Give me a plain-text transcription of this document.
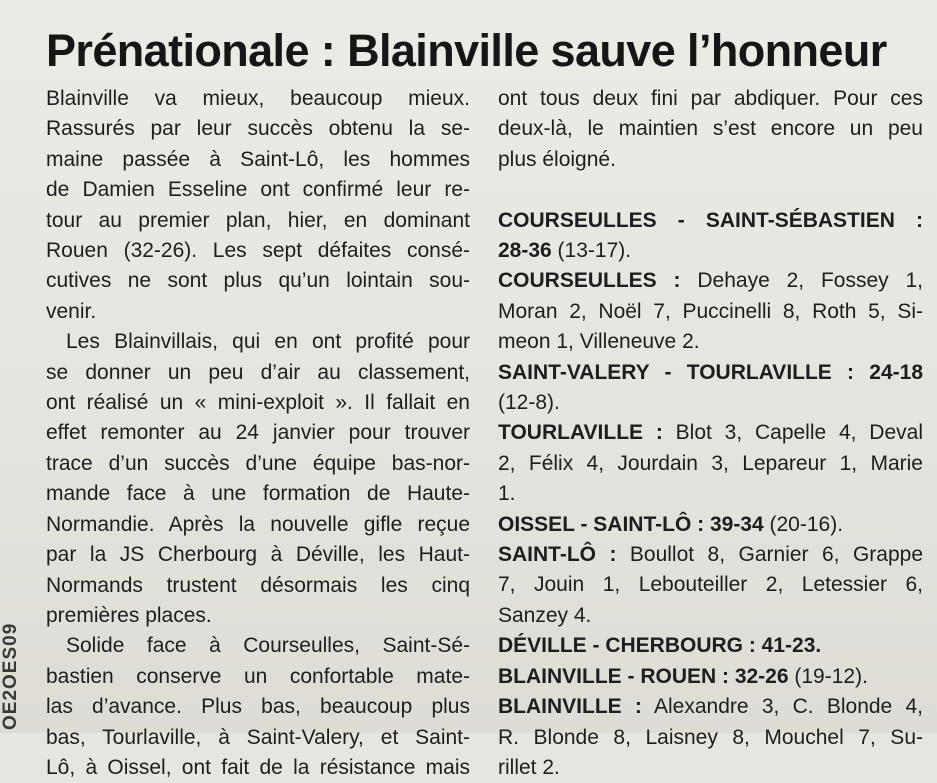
Prénationale : Blainville sauve l’honneur
Blainville va mieux, beaucoup mieux.
Rassurés par leur succès obtenu la se-
maine passée à Saint-Lô, les hommes
de Damien Esseline ont confirmé leur re-
tour au premier plan, hier, en dominant
Rouen (32-26). Les sept défaites consé-
cutives ne sont plus qu’un lointain sou-
venir.
Les Blainvillais, qui en ont profité pour
se donner un peu d’air au classement,
ont réalisé un « mini-exploit ». Il fallait en
effet remonter au 24 janvier pour trouver
trace d’un succès d’une équipe bas-nor-
mande face à une formation de Haute-
Normandie. Après la nouvelle gifle reçue
par la JS Cherbourg à Déville, les Haut-
Normands trustent désormais les cinq
premières places.
Solide face à Courseulles, Saint-Sé-
bastien conserve un confortable mate-
las d’avance. Plus bas, beaucoup plus
bas, Tourlaville, à Saint-Valery, et Saint-
Lô, à Oissel, ont fait de la résistance mais
ont tous deux fini par abdiquer. Pour ces
deux-là, le maintien s’est encore un peu
plus éloigné.
COURSEULLES - SAINT-SÉBASTIEN :
28-36 (13-17).
COURSEULLES : Dehaye 2, Fossey 1,
Moran 2, Noël 7, Puccinelli 8, Roth 5, Si-
meon 1, Villeneuve 2.
SAINT-VALERY - TOURLAVILLE : 24-18
(12-8).
TOURLAVILLE : Blot 3, Capelle 4, Deval
2, Félix 4, Jourdain 3, Lepareur 1, Marie
1.
OISSEL - SAINT-LÔ : 39-34 (20-16).
SAINT-LÔ : Boullot 8, Garnier 6, Grappe
7, Jouin 1, Lebouteiller 2, Letessier 6,
Sanzey 4.
DÉVILLE - CHERBOURG : 41-23.
BLAINVILLE - ROUEN : 32-26 (19-12).
BLAINVILLE : Alexandre 3, C. Blonde 4,
R. Blonde 8, Laisney 8, Mouchel 7, Su-
rillet 2.
OE2OES09
